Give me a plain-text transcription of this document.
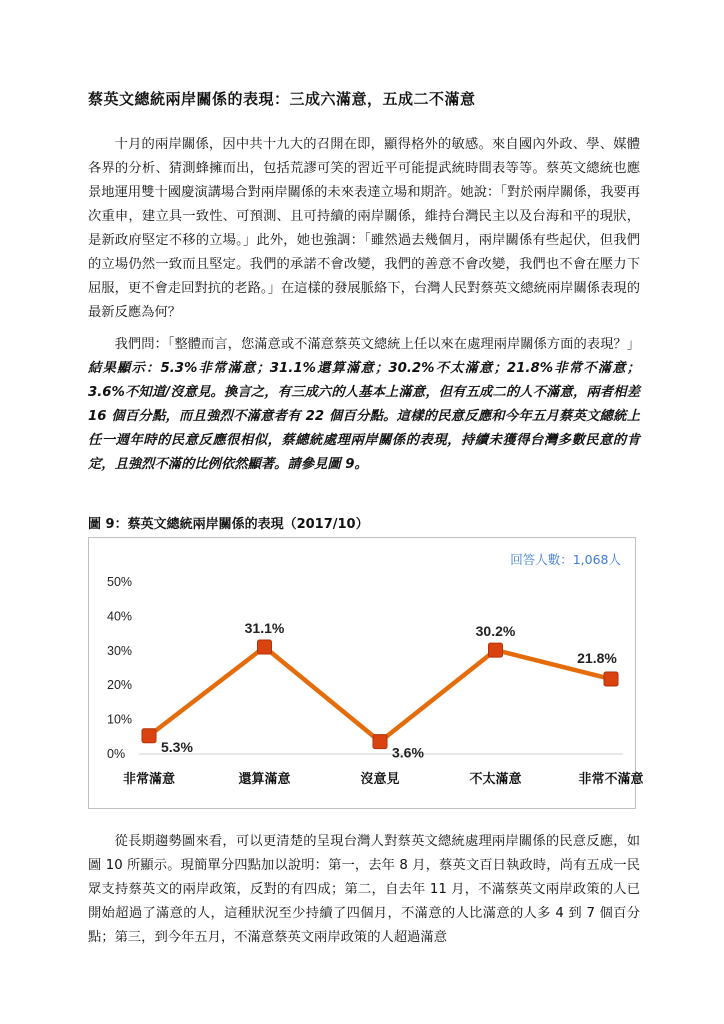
蔡英文總統兩岸關係的表現：三成六滿意，五成二不滿意

十月的兩岸關係，因中共十九大的召開在即，顯得格外的敏感。來自國內外政、學、媒體各界的分析、猜測蜂擁而出，包括荒謬可笑的習近平可能提武統時間表等等。蔡英文總統也應景地運用雙十國慶演講場合對兩岸關係的未來表達立場和期許。她說：「對於兩岸關係，我要再次重申，建立具一致性、可預測、且可持續的兩岸關係，維持台灣民主以及台海和平的現狀，是新政府堅定不移的立場。」此外，她也強調：「雖然過去幾個月，兩岸關係有些起伏，但我們的立場仍然一致而且堅定。我們的承諾不會改變，我們的善意不會改變，我們也不會在壓力下屈服，更不會走回對抗的老路。」在這樣的發展脈絡下，台灣人民對蔡英文總統兩岸關係表現的最新反應為何？

我們問：「整體而言，您滿意或不滿意蔡英文總統上任以來在處理兩岸關係方面的表現？」結果顯示：5.3%非常滿意；31.1%還算滿意；30.2%不太滿意；21.8%非常不滿意；3.6%不知道/沒意見。換言之，有三成六的人基本上滿意，但有五成二的人不滿意，兩者相差 16 個百分點，而且強烈不滿意者有 22 個百分點。這樣的民意反應和今年五月蔡英文總統上任一週年時的民意反應很相似，蔡總統處理兩岸關係的表現，持續未獲得台灣多數民意的肯定，且強烈不滿的比例依然顯著。請參見圖 9。

圖 9：蔡英文總統兩岸關係的表現（2017/10）
回答人數：1,068人
0%
10%
20%
30%
40%
50%
非常滿意	還算滿意	沒意見	不太滿意	非常不滿意
5.3%
31.1%
3.6%
30.2%
21.8%

從長期趨勢圖來看，可以更清楚的呈現台灣人對蔡英文總統處理兩岸關係的民意反應，如圖 10 所顯示。現簡單分四點加以說明：第一，去年 8 月，蔡英文百日執政時，尚有五成一民眾支持蔡英文的兩岸政策，反對的有四成；第二，自去年 11 月，不滿蔡英文兩岸政策的人已開始超過了滿意的人，這種狀況至少持續了四個月，不滿意的人比滿意的人多 4 到 7 個百分點；第三，到今年五月，不滿意蔡英文兩岸政策的人超過滿意
